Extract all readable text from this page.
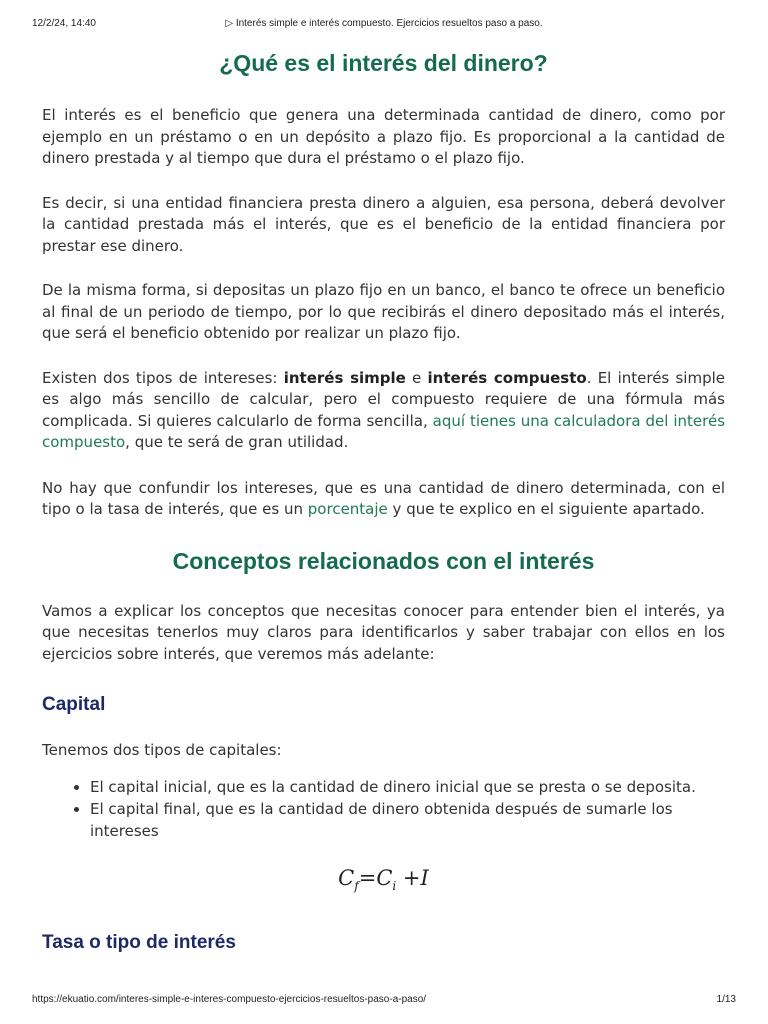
12/2/24, 14:40	▷ Interés simple e interés compuesto. Ejercicios resueltos paso a paso.
¿Qué es el interés del dinero?

El interés es el beneficio que genera una determinada cantidad de dinero, como por ejemplo en un préstamo o en un depósito a plazo fijo. Es proporcional a la cantidad de dinero prestada y al tiempo que dura el préstamo o el plazo fijo.

Es decir, si una entidad financiera presta dinero a alguien, esa persona, deberá devolver la cantidad prestada más el interés, que es el beneficio de la entidad financiera por prestar ese dinero.

De la misma forma, si depositas un plazo fijo en un banco, el banco te ofrece un beneficio al final de un periodo de tiempo, por lo que recibirás el dinero depositado más el interés, que será el beneficio obtenido por realizar un plazo fijo.

Existen dos tipos de intereses: interés simple e interés compuesto. El interés simple es algo más sencillo de calcular, pero el compuesto requiere de una fórmula más complicada. Si quieres calcularlo de forma sencilla, aquí tienes una calculadora del interés compuesto, que te será de gran utilidad.

No hay que confundir los intereses, que es una cantidad de dinero determinada, con el tipo o la tasa de interés, que es un porcentaje y que te explico en el siguiente apartado.

Conceptos relacionados con el interés

Vamos a explicar los conceptos que necesitas conocer para entender bien el interés, ya que necesitas tenerlos muy claros para identificarlos y saber trabajar con ellos en los ejercicios sobre interés, que veremos más adelante:

Capital

Tenemos dos tipos de capitales:

• El capital inicial, que es la cantidad de dinero inicial que se presta o se deposita.
• El capital final, que es la cantidad de dinero obtenida después de sumarle los intereses
$C_f=C_i +I$
Tasa o tipo de interés
https://ekuatio.com/interes-simple-e-interes-compuesto-ejercicios-resueltos-paso-a-paso/	1/13
